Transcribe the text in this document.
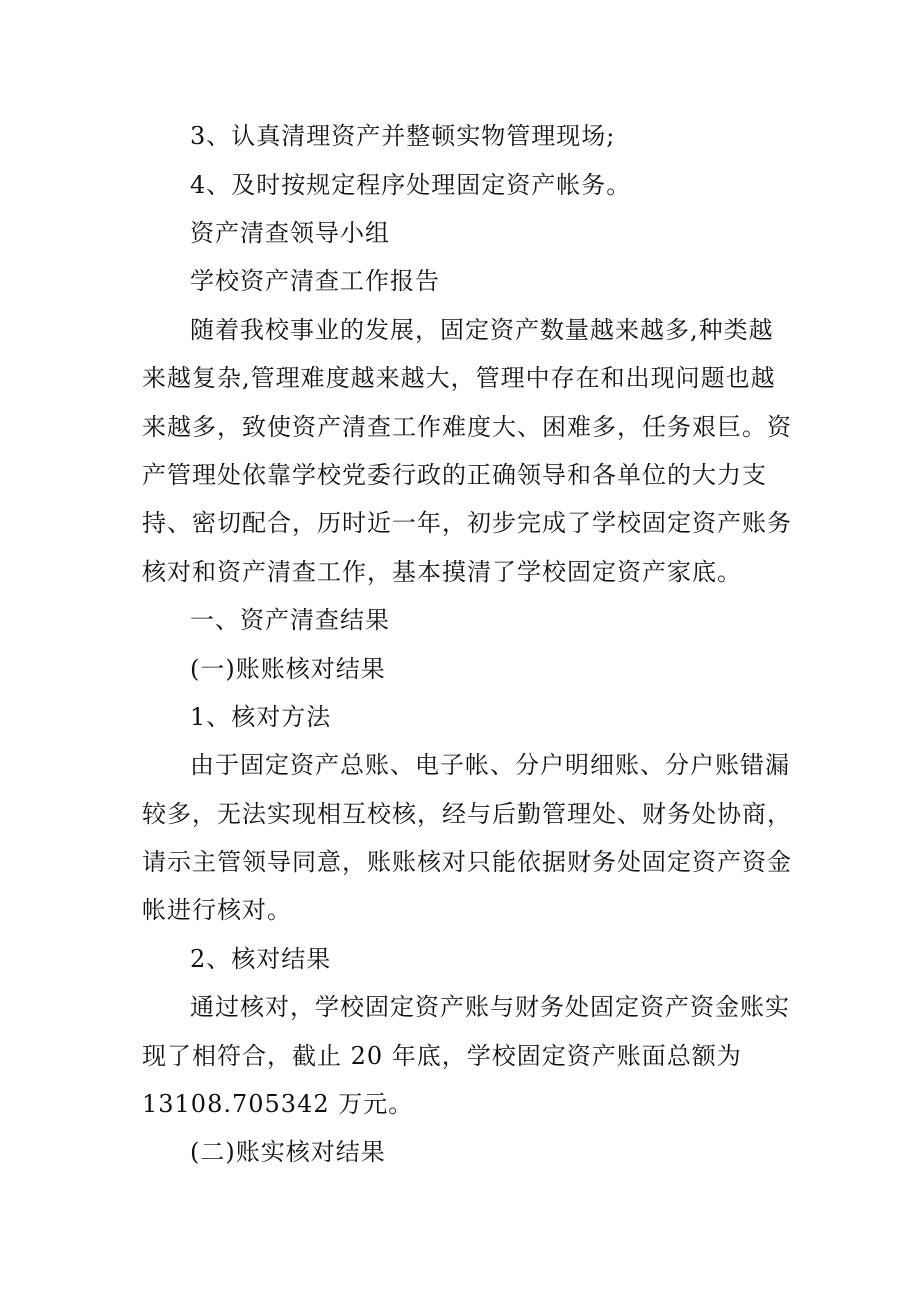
3、认真清理资产并整顿实物管理现场;
4、及时按规定程序处理固定资产帐务。
资产清查领导小组
学校资产清查工作报告
随着我校事业的发展，固定资产数量越来越多,种类越
来越复杂,管理难度越来越大，管理中存在和出现问题也越
来越多，致使资产清查工作难度大、困难多，任务艰巨。资
产管理处依靠学校党委行政的正确领导和各单位的大力支
持、密切配合，历时近一年，初步完成了学校固定资产账务
核对和资产清查工作，基本摸清了学校固定资产家底。
一、资产清查结果
(一)账账核对结果
1、核对方法
由于固定资产总账、电子帐、分户明细账、分户账错漏
较多，无法实现相互校核，经与后勤管理处、财务处协商，
请示主管领导同意，账账核对只能依据财务处固定资产资金
帐进行核对。
2、核对结果
通过核对，学校固定资产账与财务处固定资产资金账实
现了相符合，截止 20 年底，学校固定资产账面总额为
13108.705342 万元。
(二)账实核对结果
